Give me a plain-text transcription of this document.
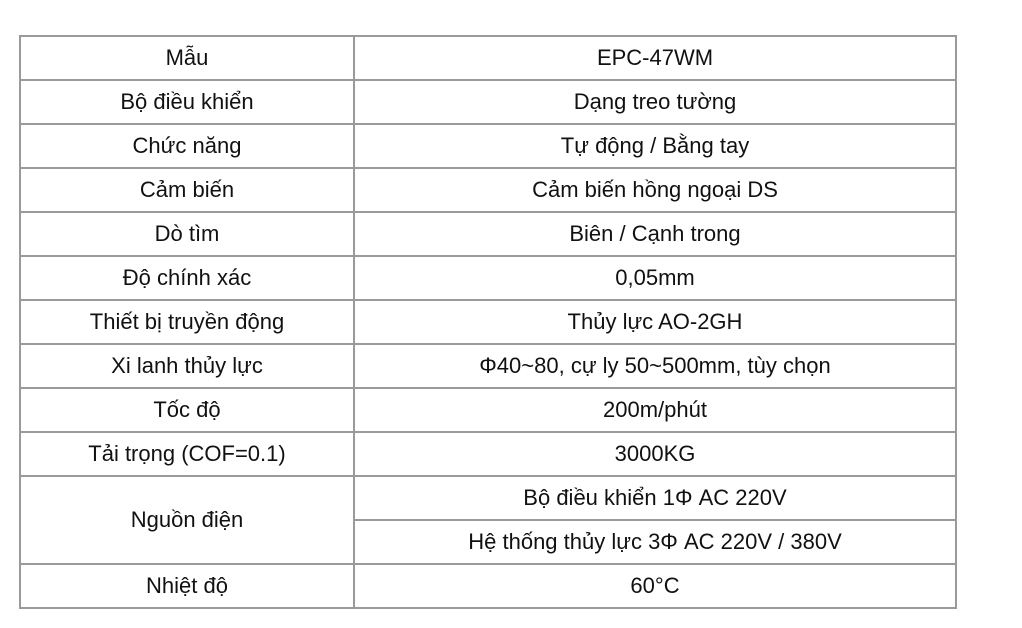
Mẫu	EPC-47WM
Bộ điều khiển	Dạng treo tường
Chức năng	Tự động / Bằng tay
Cảm biến	Cảm biến hồng ngoại DS
Dò tìm	Biên / Cạnh trong
Độ chính xác	0,05mm
Thiết bị truyền động	Thủy lực AO-2GH
Xi lanh thủy lực	Φ40~80, cự ly 50~500mm, tùy chọn
Tốc độ	200m/phút
Tải trọng (COF=0.1)	3000KG
Nguồn điện	Bộ điều khiển 1Φ AC 220V
	Hệ thống thủy lực 3Φ AC 220V / 380V
Nhiệt độ	60°C
